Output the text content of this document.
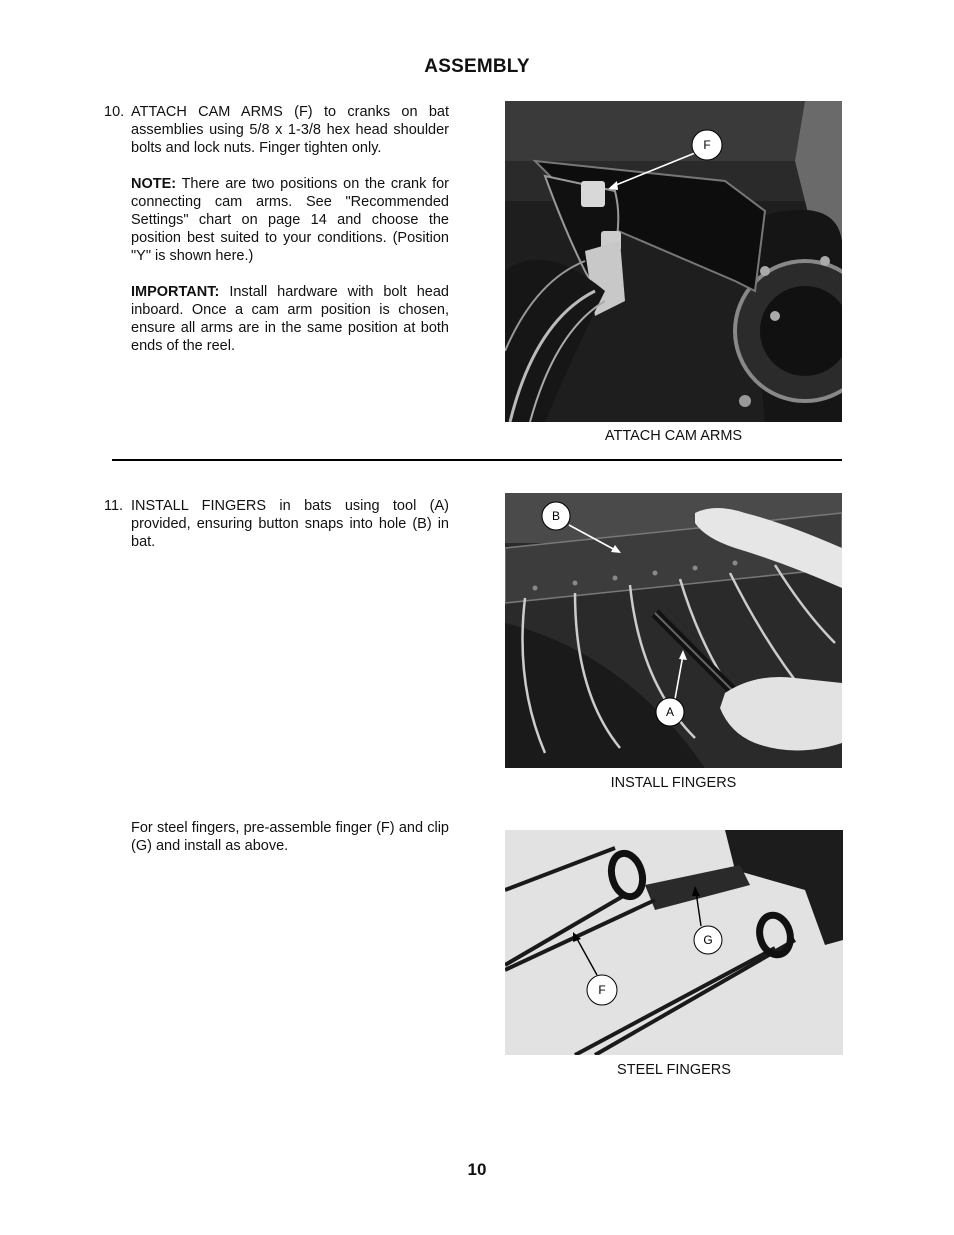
ASSEMBLY
10. ATTACH CAM ARMS (F) to cranks on bat assemblies using 5/8 x 1-3/8 hex head shoulder bolts and lock nuts. Finger tighten only.

NOTE: There are two positions on the crank for connecting cam arms. See "Recommended Settings" chart on page 14 and choose the position best suited to your conditions. (Position "Y" is shown here.)

IMPORTANT: Install hardware with bolt head inboard. Once a cam arm position is chosen, ensure all arms are in the same position at both ends of the reel.

F
ATTACH CAM ARMS
11. INSTALL FINGERS in bats using tool (A) provided, ensuring button snaps into hole (B) in bat.

B
A
INSTALL FINGERS

For steel fingers, pre-assemble finger (F) and clip (G) and install as above.

G
F
STEEL FINGERS
10
